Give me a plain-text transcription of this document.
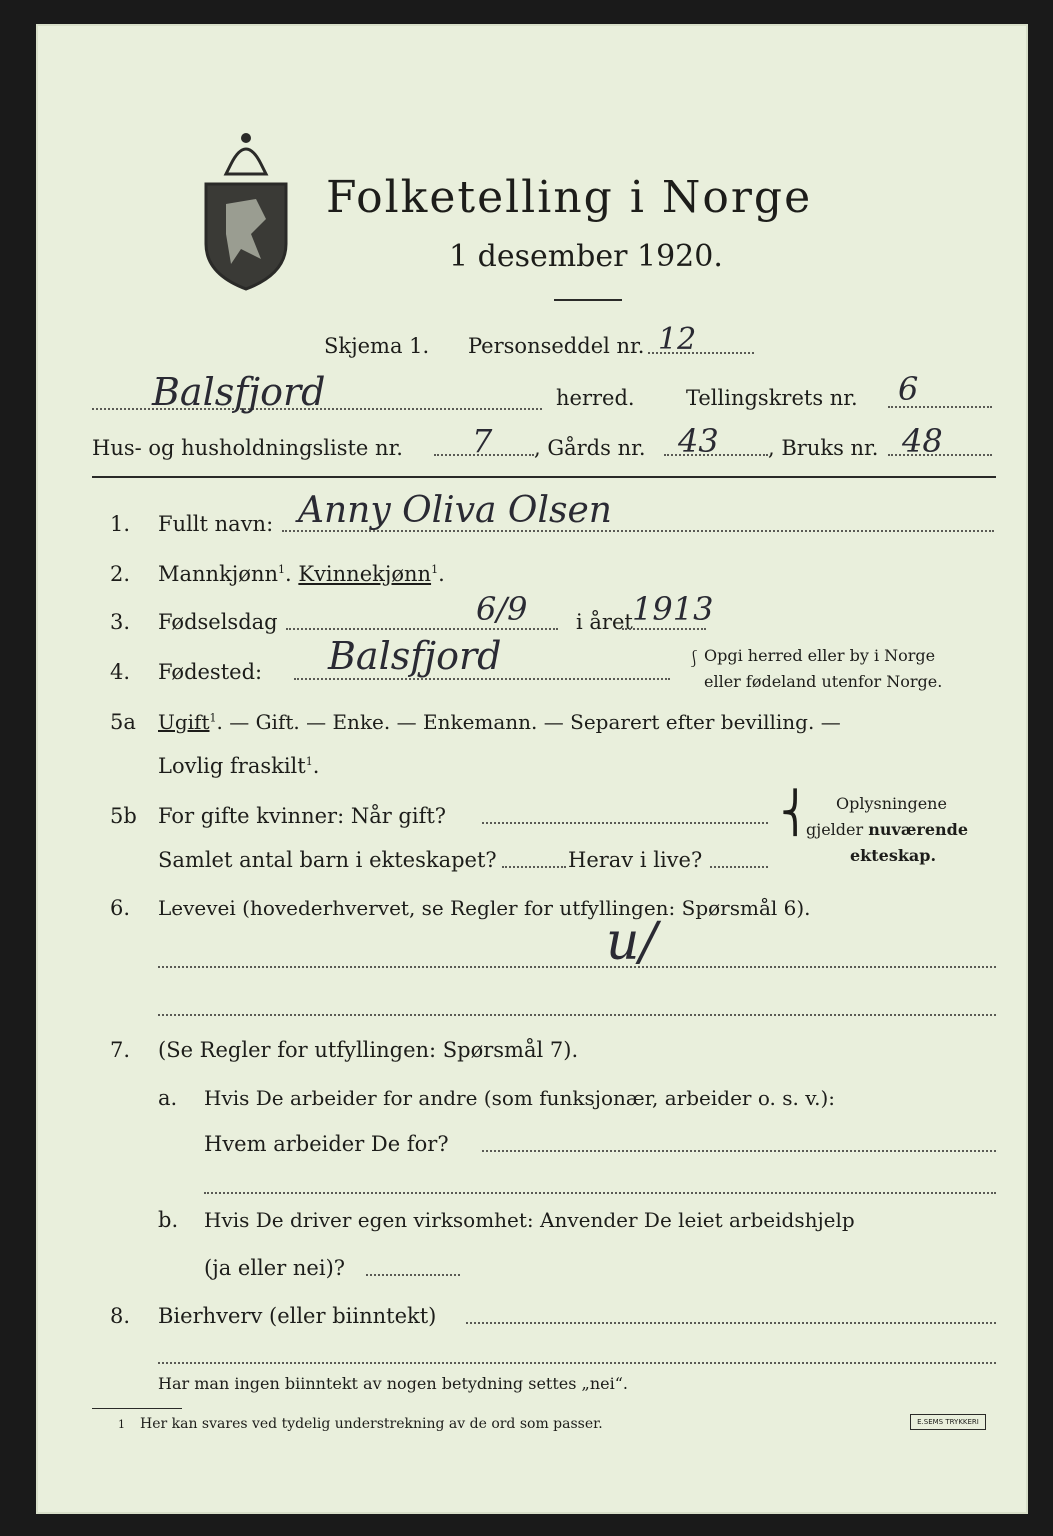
Folketelling i Norge
1 desember 1920.
Skjema 1. Personseddel nr. 12
Balsfjord	herred. Tellingskrets nr. 6
Hus- og husholdningsliste nr. 7 , Gårds nr. 43 , Bruks nr. 48
1. Fullt navn: Anny Oliva Olsen
2. Mannkjønn$^1$. Kvinnekjønn$^1$.
3. Fødselsdag	6/9 i året 1913
4. Fødested: Balsfjord	⎰ Opgi herred eller by i Norge
eller fødeland utenfor Norge.
5a Ugift$^1$. — Gift. — Enke. — Enkemann. — Separert efter bevilling. —
Lovlig fraskilt$^1$.
5b For gifte kvinner: Når gift?
Samlet antal barn i ekteskapet?	Herav i live?
⎨ Oplysningene
gjelder nuværende
ekteskap.
6. Levevei (hovederhvervet, se Regler for utfyllingen: Spørsmål 6).
u/
7. (Se Regler for utfyllingen: Spørsmål 7).
a. Hvis De arbeider for andre (som funksjonær, arbeider o. s. v.):
Hvem arbeider De for?
b. Hvis De driver egen virksomhet: Anvender De leiet arbeidshjelp
(ja eller nei)?
8. Bierhverv (eller biinntekt)
Har man ingen biinntekt av nogen betydning settes „nei“.
1 Her kan svares ved tydelig understrekning av de ord som passer.	E.SEMS TRYKKERI
